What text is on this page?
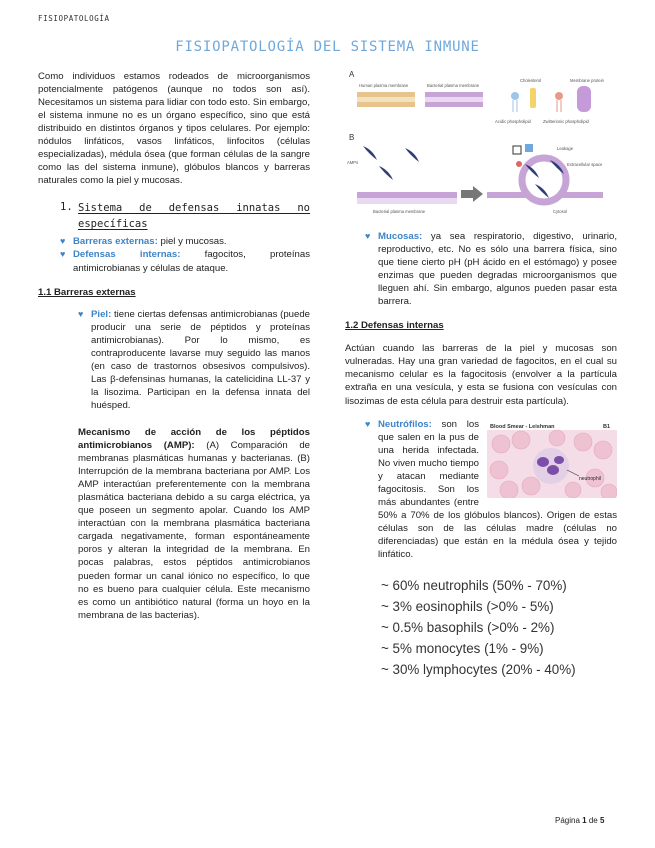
FISIOPATOLOGÍA
FISIOPATOLOGÍA DEL SISTEMA INMUNE

Como individuos estamos rodeados de microorganismos potencialmente patógenos (aunque no todos son así). Necesitamos un sistema para lidiar con todo esto. Sin embargo, el sistema inmune no es un órgano específico, sino que está distribuido en distintos órganos y tipos celulares. Por ejemplo: nódulos linfáticos, vasos linfáticos, linfocitos (células especializadas), médula ósea (que forman células de la sangre como las del sistema inmune), glóbulos blancos y barreras naturales como la piel y mucosas.

1. Sistema de defensas innatas no específicas
♥ Barreras externas: piel y mucosas.
♥ Defensas internas: fagocitos, proteínas antimicrobianas y células de ataque.
1.1 Barreras externas
♥ Piel: tiene ciertas defensas antimicrobianas (puede producir una serie de péptidos y proteínas antimicrobianas). Por lo mismo, es contraproducente lavarse muy seguido las manos (en caso de trastornos obsesivos compulsivos). Las β-defensinas humanas, la catelicidina LL-37 y la lisozima. Participan en la defensa innata del huésped.

Mecanismo de acción de los péptidos antimicrobianos (AMP): (A) Comparación de membranas plasmáticas humanas y bacterianas. (B) Interrupción de la membrana bacteriana por AMP. Los AMP interactúan preferentemente con la membrana plasmática bacteriana debido a su carga eléctrica, ya que poseen un segmento apolar. Cuando los AMP interactúan con la membrana plasmática bacteriana cargada negativamente, forman espontáneamente poros y alteran la integridad de la membrana. En pocas palabras, estos péptidos antimicrobianos pueden formar un canal iónico no específico, lo que no es bueno para cualquier célula. Este mecanismo es como un antibiótico natural (forma un hoyo en la membrana de las bacterias).

A
Human plasma membrane	Bacterial plasma membrane
Cholesterol	Membrane protein
Acidic phospholipid	Zwitterionic phospholipid
B
AMPs
Leakage
Extracellular space
Bacterial plasma membrane	Cytosol
♥ Mucosas: ya sea respiratorio, digestivo, urinario, reproductivo, etc. No es sólo una barrera física, sino que tiene cierto pH (pH ácido en el estómago) y posee enzimas que pueden degradas microorganismos que lleguen ahí. Sin embargo, algunos pueden pasar esta barrera.
1.2 Defensas internas

Actúan cuando las barreras de la piel y mucosas son vulneradas. Hay una gran variedad de fagocitos, en el cual su mecanismo celular es la fagocitosis (envolver a la partícula extraña en una vesícula, y esta se fusiona con vesículas con lisozimas de esta célula para destruir esta partícula).

♥	Blood Smear - Leishman	B1
neutrophil
Neutrófilos: son los que salen en la pus de una herida infectada. No viven mucho tiempo y atacan mediante fagocitosis. Son los más abundantes (entre 50% a 70% de los glóbulos blancos). Origen de estas células son de las células madre (células no diferenciadas) que están en la médula ósea y tejido linfático.
~ 60% neutrophils (50% - 70%)
~ 3% eosinophils (>0% - 5%)
~ 0.5% basophils (>0% - 2%)
~ 5% monocytes (1% - 9%)
~ 30% lymphocytes (20% - 40%)
Página 1 de 5
